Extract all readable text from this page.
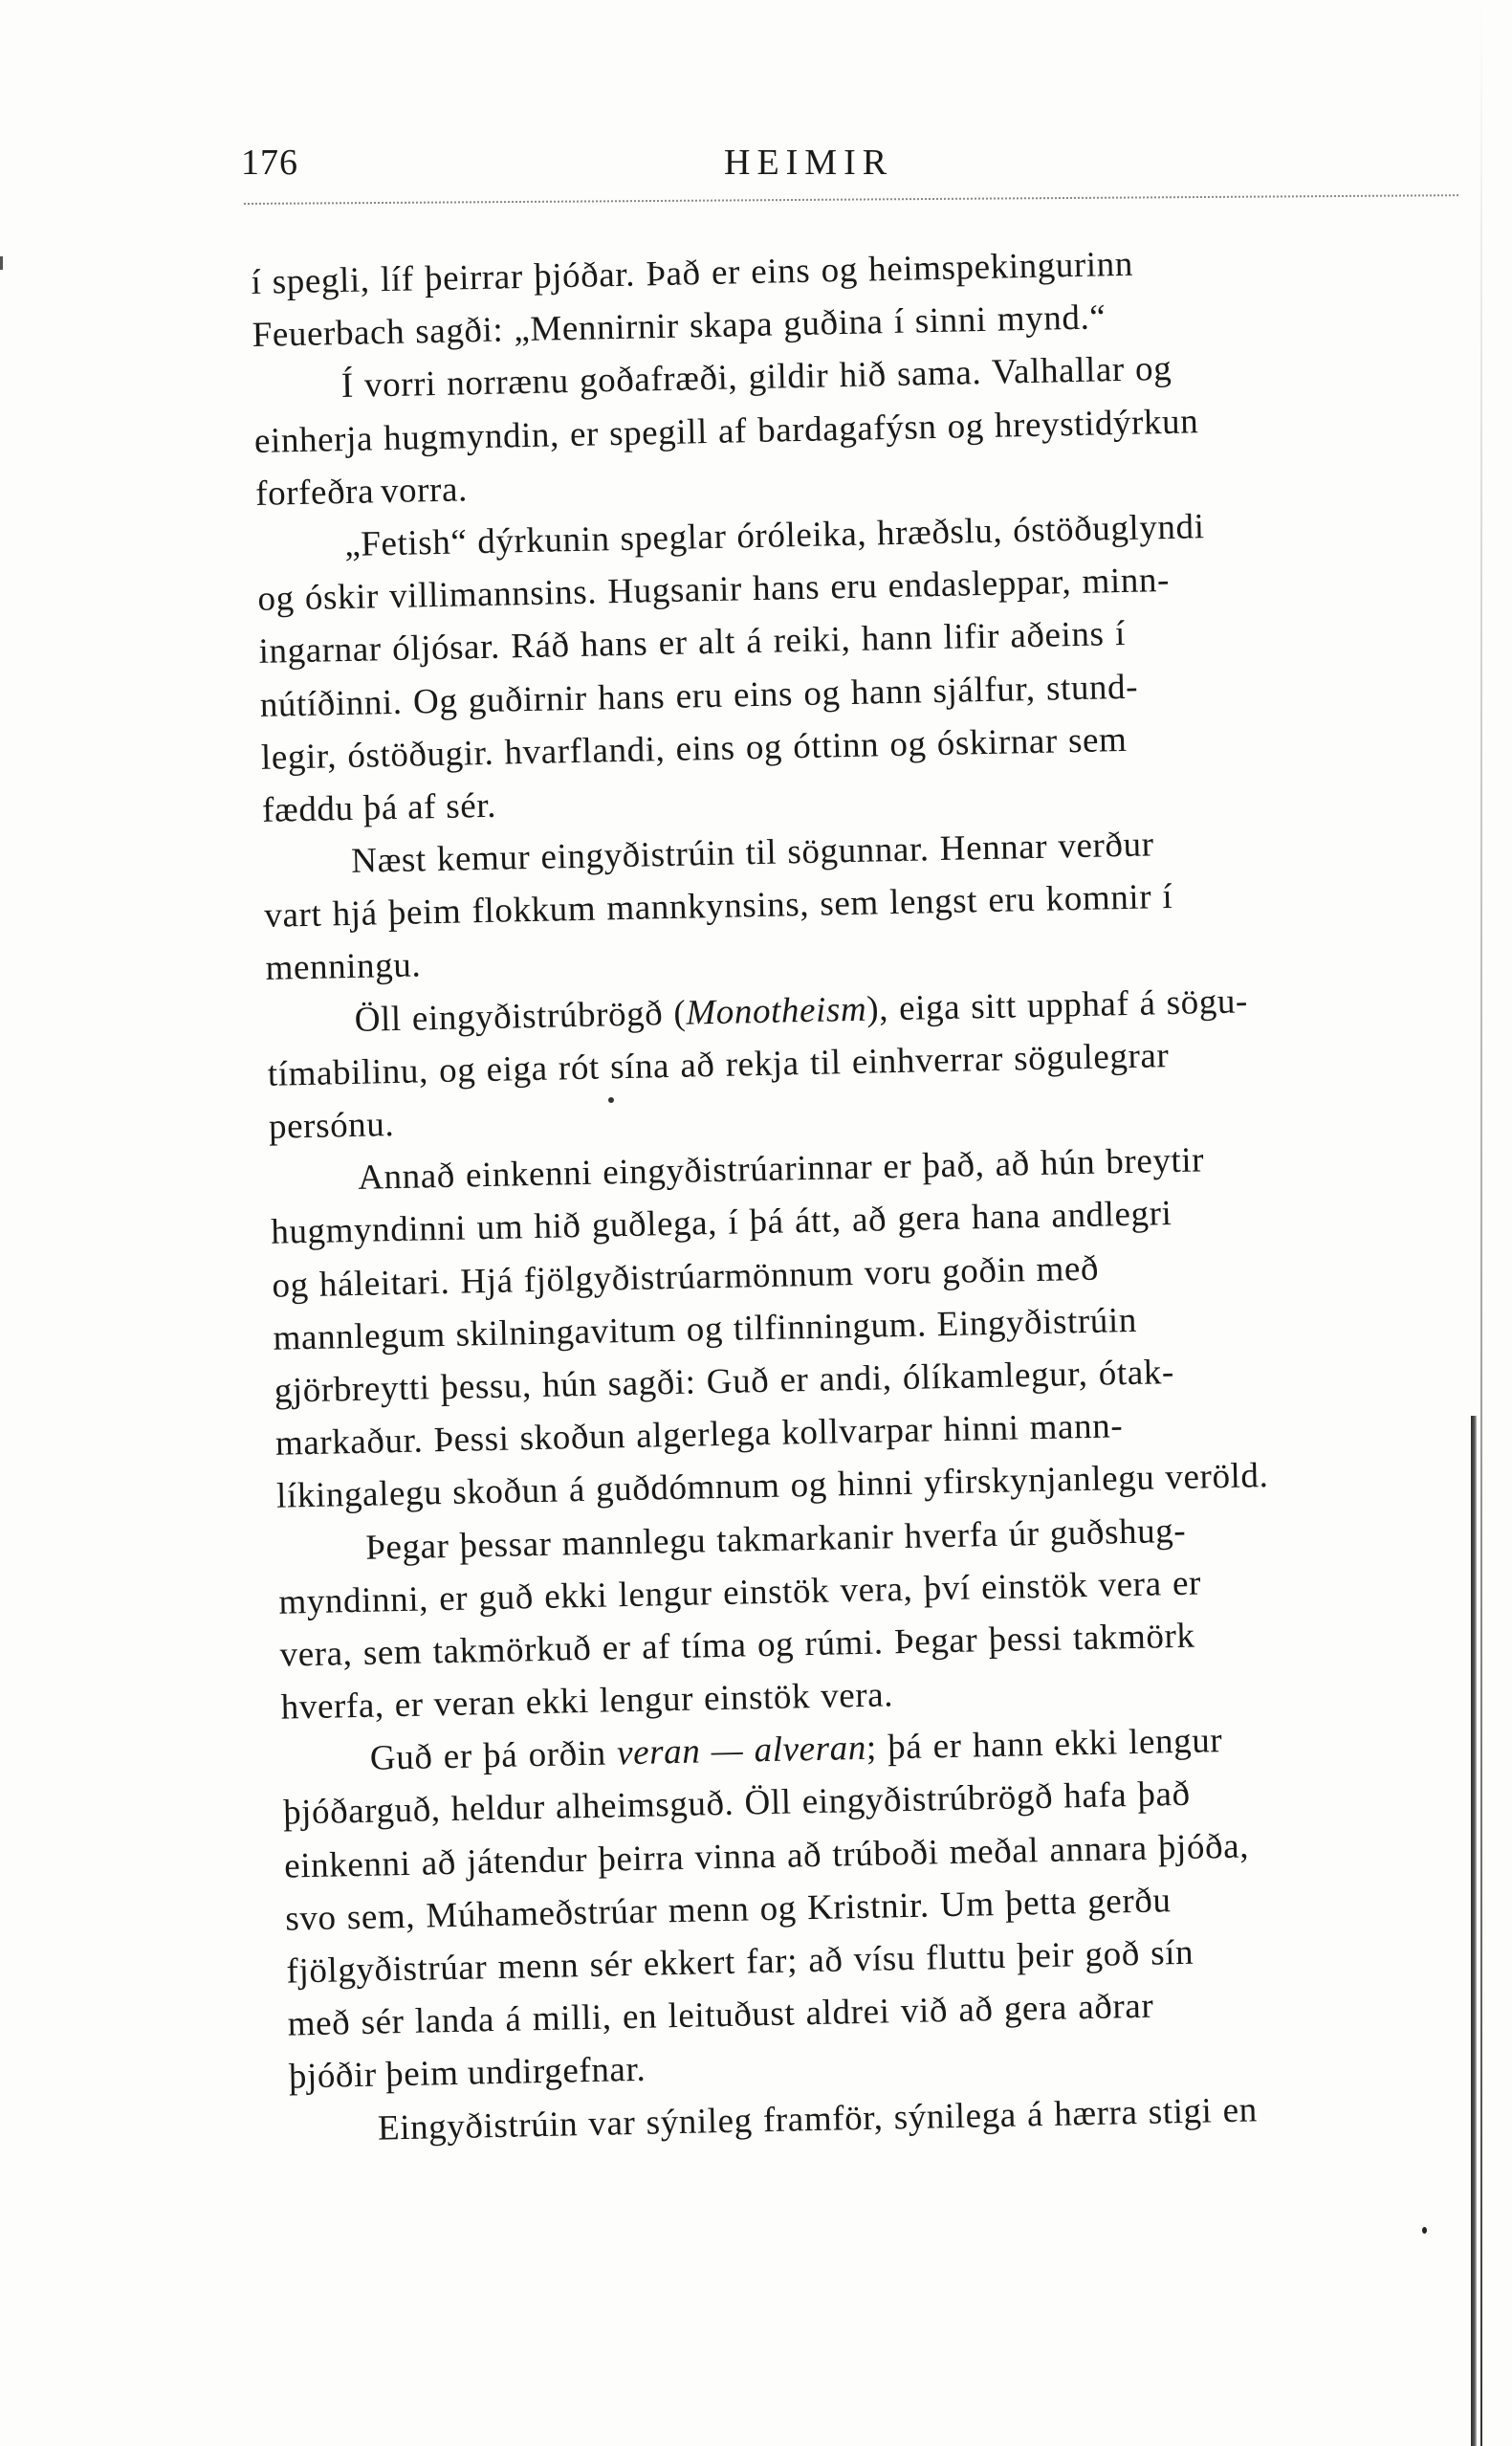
176	HEIMIR
í spegli, líf þeirrar þjóðar. Það er eins og heimspekingurinn
Feuerbach sagði: „Mennirnir skapa guðina í sinni mynd.“
Í vorri norrænu goðafræði, gildir hið sama. Valhallar og
einherja hugmyndin, er spegill af bardagafýsn og hreystidýrkun
forfeðra vorra.
„Fetish“ dýrkunin speglar óróleika, hræðslu, óstöðuglyndi
og óskir villimannsins. Hugsanir hans eru endasleppar, minn-
ingarnar óljósar. Ráð hans er alt á reiki, hann lifir aðeins í
nútíðinni. Og guðirnir hans eru eins og hann sjálfur, stund-
legir, óstöðugir. hvarflandi, eins og óttinn og óskirnar sem
fæddu þá af sér.
Næst kemur eingyðistrúin til sögunnar. Hennar verður
vart hjá þeim flokkum mannkynsins, sem lengst eru komnir í
menningu.
Öll eingyðistrúbrögð (Monotheism), eiga sitt upphaf á sögu-
tímabilinu, og eiga rót sína að rekja til einhverrar sögulegrar
persónu.
Annað einkenni eingyðistrúarinnar er það, að hún breytir
hugmyndinni um hið guðlega, í þá átt, að gera hana andlegri
og háleitari. Hjá fjölgyðistrúarmönnum voru goðin með
mannlegum skilningavitum og tilfinningum. Eingyðistrúin
gjörbreytti þessu, hún sagði: Guð er andi, ólíkamlegur, ótak-
markaður. Þessi skoðun algerlega kollvarpar hinni mann-
líkingalegu skoðun á guðdómnum og hinni yfirskynjanlegu veröld.
Þegar þessar mannlegu takmarkanir hverfa úr guðshug-
myndinni, er guð ekki lengur einstök vera, því einstök vera er
vera, sem takmörkuð er af tíma og rúmi. Þegar þessi takmörk
hverfa, er veran ekki lengur einstök vera.
Guð er þá orðin veran — alveran; þá er hann ekki lengur
þjóðarguð, heldur alheimsguð. Öll eingyðistrúbrögð hafa það
einkenni að játendur þeirra vinna að trúboði meðal annara þjóða,
svo sem, Múhameðstrúar menn og Kristnir. Um þetta gerðu
fjölgyðistrúar menn sér ekkert far; að vísu fluttu þeir goð sín
með sér landa á milli, en leituðust aldrei við að gera aðrar
þjóðir þeim undirgefnar.
Eingyðistrúin var sýnileg framför, sýnilega á hærra stigi en
